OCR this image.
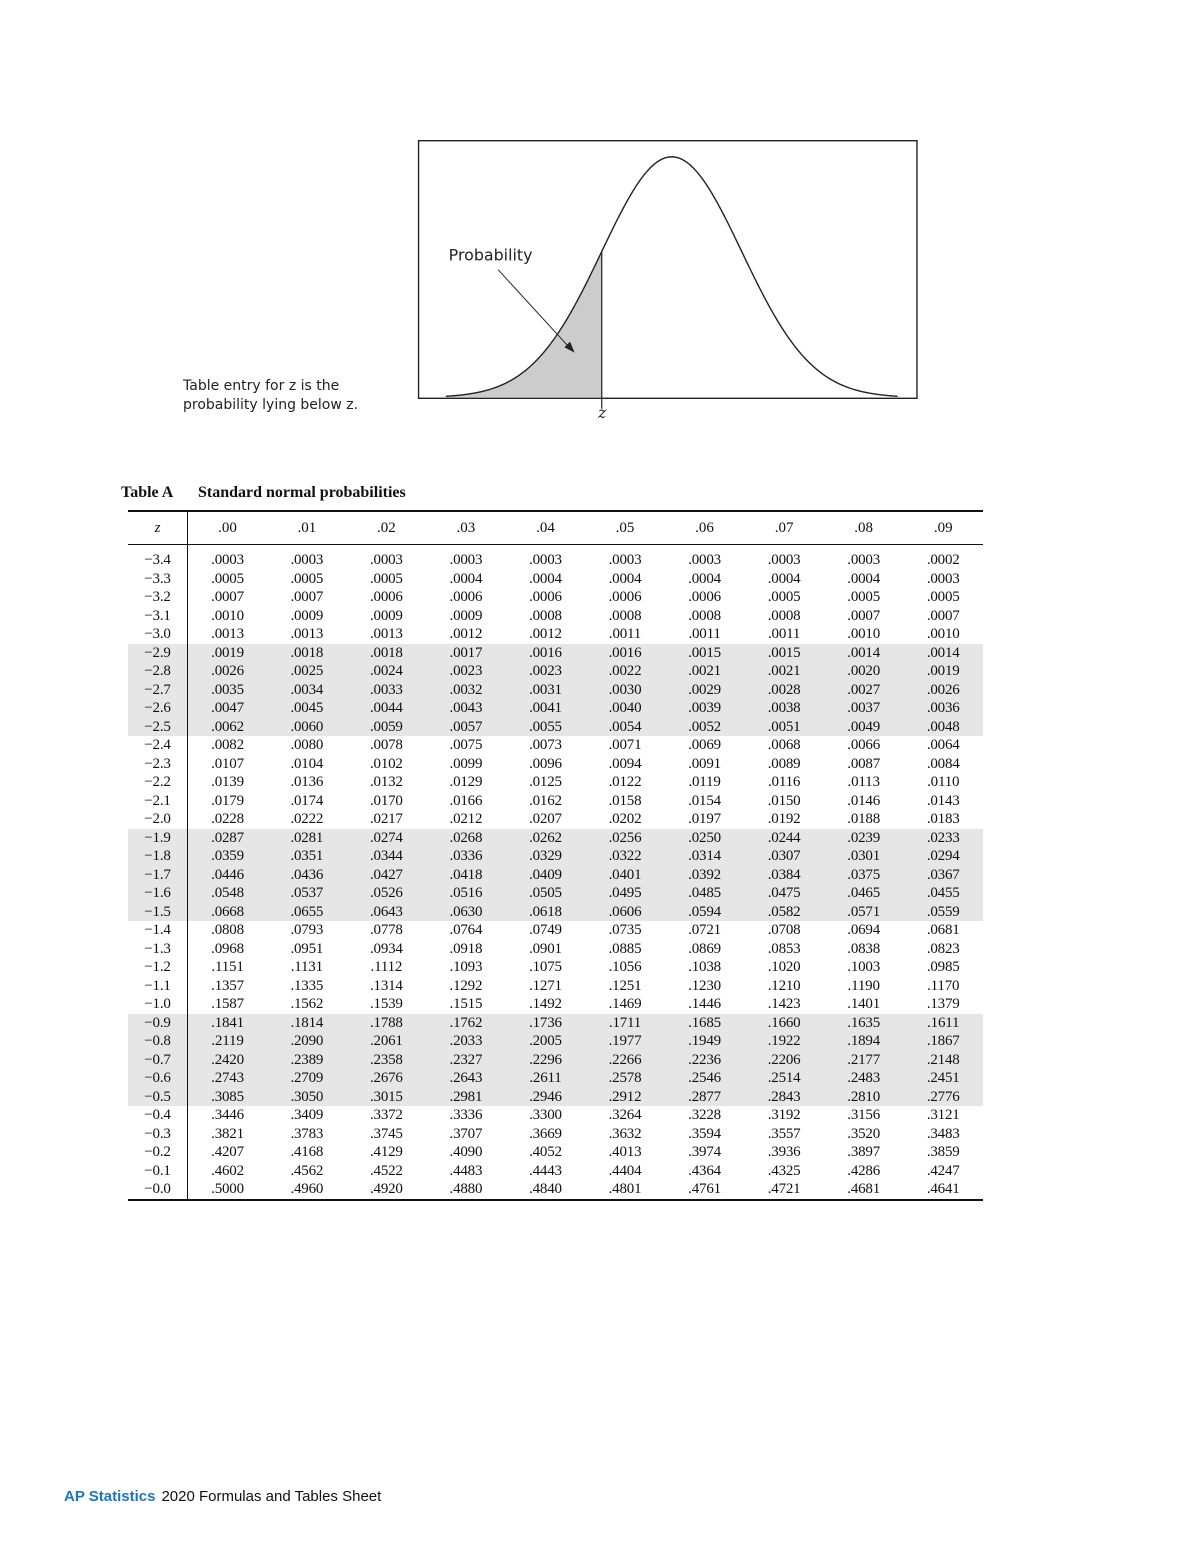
Probability
z
Table entry for z is the
probability lying below z.
Table A Standard normal probabilities
z	.00	.01	.02	.03	.04	.05	.06	.07	.08	.09
−3.4	.0003	.0003	.0003	.0003	.0003	.0003	.0003	.0003	.0003	.0002
−3.3	.0005	.0005	.0005	.0004	.0004	.0004	.0004	.0004	.0004	.0003
−3.2	.0007	.0007	.0006	.0006	.0006	.0006	.0006	.0005	.0005	.0005
−3.1	.0010	.0009	.0009	.0009	.0008	.0008	.0008	.0008	.0007	.0007
−3.0	.0013	.0013	.0013	.0012	.0012	.0011	.0011	.0011	.0010	.0010
−2.9	.0019	.0018	.0018	.0017	.0016	.0016	.0015	.0015	.0014	.0014
−2.8	.0026	.0025	.0024	.0023	.0023	.0022	.0021	.0021	.0020	.0019
−2.7	.0035	.0034	.0033	.0032	.0031	.0030	.0029	.0028	.0027	.0026
−2.6	.0047	.0045	.0044	.0043	.0041	.0040	.0039	.0038	.0037	.0036
−2.5	.0062	.0060	.0059	.0057	.0055	.0054	.0052	.0051	.0049	.0048
−2.4	.0082	.0080	.0078	.0075	.0073	.0071	.0069	.0068	.0066	.0064
−2.3	.0107	.0104	.0102	.0099	.0096	.0094	.0091	.0089	.0087	.0084
−2.2	.0139	.0136	.0132	.0129	.0125	.0122	.0119	.0116	.0113	.0110
−2.1	.0179	.0174	.0170	.0166	.0162	.0158	.0154	.0150	.0146	.0143
−2.0	.0228	.0222	.0217	.0212	.0207	.0202	.0197	.0192	.0188	.0183
−1.9	.0287	.0281	.0274	.0268	.0262	.0256	.0250	.0244	.0239	.0233
−1.8	.0359	.0351	.0344	.0336	.0329	.0322	.0314	.0307	.0301	.0294
−1.7	.0446	.0436	.0427	.0418	.0409	.0401	.0392	.0384	.0375	.0367
−1.6	.0548	.0537	.0526	.0516	.0505	.0495	.0485	.0475	.0465	.0455
−1.5	.0668	.0655	.0643	.0630	.0618	.0606	.0594	.0582	.0571	.0559
−1.4	.0808	.0793	.0778	.0764	.0749	.0735	.0721	.0708	.0694	.0681
−1.3	.0968	.0951	.0934	.0918	.0901	.0885	.0869	.0853	.0838	.0823
−1.2	.1151	.1131	.1112	.1093	.1075	.1056	.1038	.1020	.1003	.0985
−1.1	.1357	.1335	.1314	.1292	.1271	.1251	.1230	.1210	.1190	.1170
−1.0	.1587	.1562	.1539	.1515	.1492	.1469	.1446	.1423	.1401	.1379
−0.9	.1841	.1814	.1788	.1762	.1736	.1711	.1685	.1660	.1635	.1611
−0.8	.2119	.2090	.2061	.2033	.2005	.1977	.1949	.1922	.1894	.1867
−0.7	.2420	.2389	.2358	.2327	.2296	.2266	.2236	.2206	.2177	.2148
−0.6	.2743	.2709	.2676	.2643	.2611	.2578	.2546	.2514	.2483	.2451
−0.5	.3085	.3050	.3015	.2981	.2946	.2912	.2877	.2843	.2810	.2776
−0.4	.3446	.3409	.3372	.3336	.3300	.3264	.3228	.3192	.3156	.3121
−0.3	.3821	.3783	.3745	.3707	.3669	.3632	.3594	.3557	.3520	.3483
−0.2	.4207	.4168	.4129	.4090	.4052	.4013	.3974	.3936	.3897	.3859
−0.1	.4602	.4562	.4522	.4483	.4443	.4404	.4364	.4325	.4286	.4247
−0.0	.5000	.4960	.4920	.4880	.4840	.4801	.4761	.4721	.4681	.4641
AP Statistics 2020 Formulas and Tables Sheet
